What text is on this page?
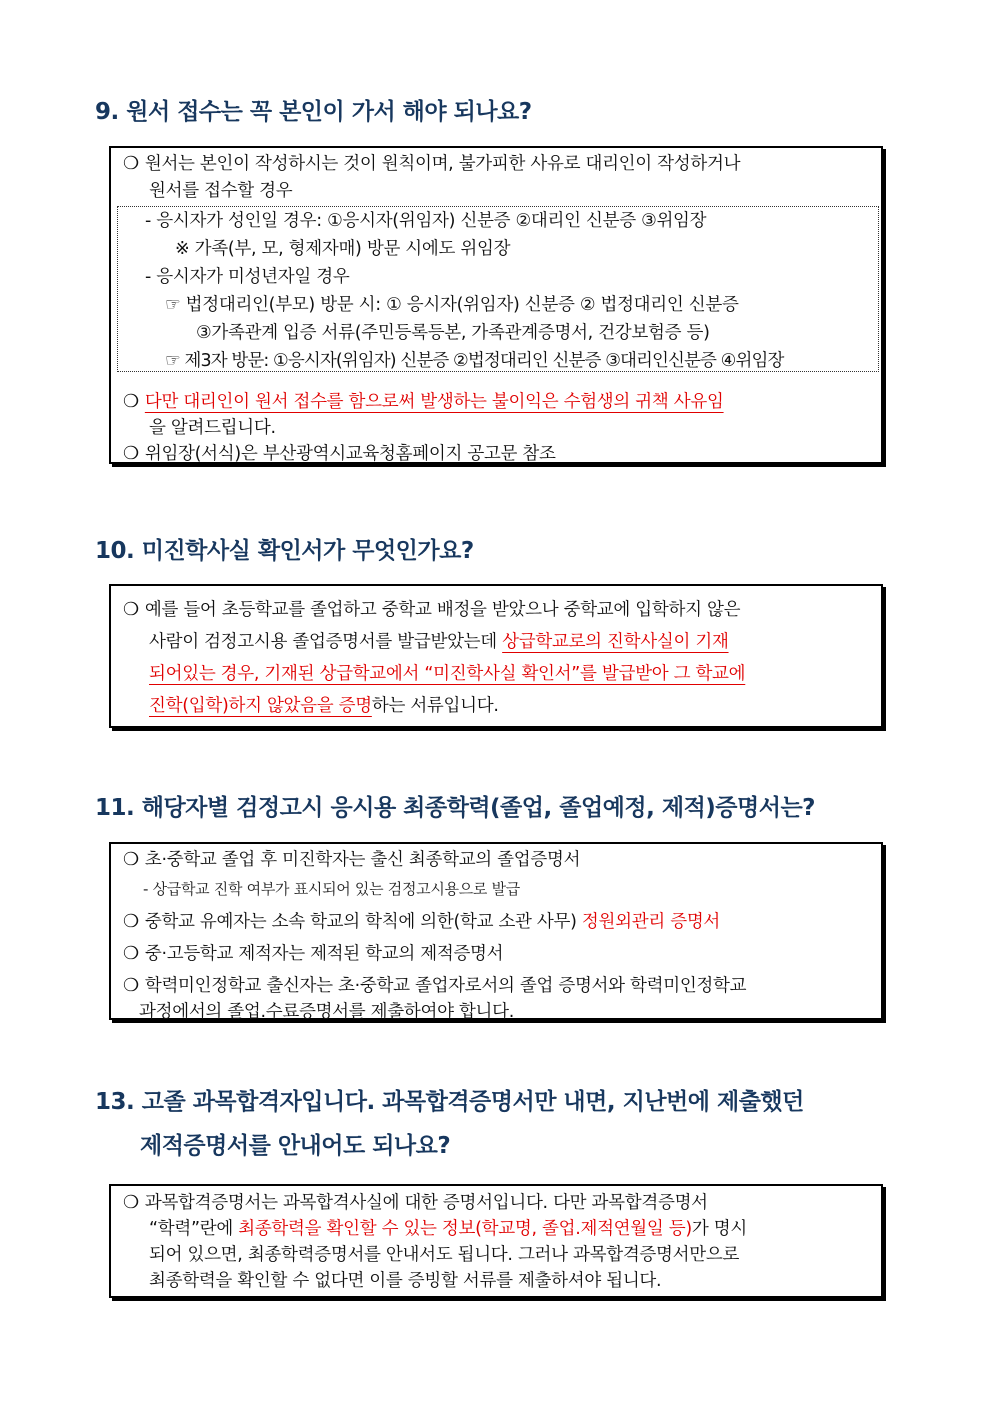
9. 원서 접수는 꼭 본인이 가서 해야 되나요?
❍ 원서는 본인이 작성하시는 것이 원칙이며, 불가피한 사유로 대리인이 작성하거나
원서를 접수할 경우
- 응시자가 성인일 경우: ①응시자(위임자) 신분증 ②대리인 신분증 ③위임장
※ 가족(부, 모, 형제자매) 방문 시에도 위임장
- 응시자가 미성년자일 경우
☞ 법정대리인(부모) 방문 시: ① 응시자(위임자) 신분증 ② 법정대리인 신분증
③가족관계 입증 서류(주민등록등본, 가족관계증명서, 건강보험증 등)
☞ 제3자 방문: ①응시자(위임자) 신분증 ②법정대리인 신분증 ③대리인신분증 ④위임장
❍ 다만 대리인이 원서 접수를 함으로써 발생하는 불이익은 수험생의 귀책 사유임
을 알려드립니다.
❍ 위임장(서식)은 부산광역시교육청홈페이지 공고문 참조
10. 미진학사실 확인서가 무엇인가요?
❍ 예를 들어 초등학교를 졸업하고 중학교 배정을 받았으나 중학교에 입학하지 않은
사람이 검정고시용 졸업증명서를 발급받았는데 상급학교로의 진학사실이 기재
되어있는 경우, 기재된 상급학교에서 “미진학사실 확인서”를 발급받아 그 학교에
진학(입학)하지 않았음을 증명하는 서류입니다.
11. 해당자별 검정고시 응시용 최종학력(졸업, 졸업예정, 제적)증명서는?
❍ 초·중학교 졸업 후 미진학자는 출신 최종학교의 졸업증명서
- 상급학교 진학 여부가 표시되어 있는 검정고시용으로 발급
❍ 중학교 유예자는 소속 학교의 학칙에 의한(학교 소관 사무) 정원외관리 증명서
❍ 중·고등학교 제적자는 제적된 학교의 제적증명서
❍ 학력미인정학교 출신자는 초·중학교 졸업자로서의 졸업 증명서와 학력미인정학교
과정에서의 졸업.수료증명서를 제출하여야 합니다.
13. 고졸 과목합격자입니다. 과목합격증명서만 내면, 지난번에 제출했던
제적증명서를 안내어도 되나요?
❍ 과목합격증명서는 과목합격사실에 대한 증명서입니다. 다만 과목합격증명서
“학력”란에 최종학력을 확인할 수 있는 정보(학교명, 졸업.제적연월일 등)가 명시
되어 있으면, 최종학력증명서를 안내서도 됩니다. 그러나 과목합격증명서만으로
최종학력을 확인할 수 없다면 이를 증빙할 서류를 제출하셔야 됩니다.
